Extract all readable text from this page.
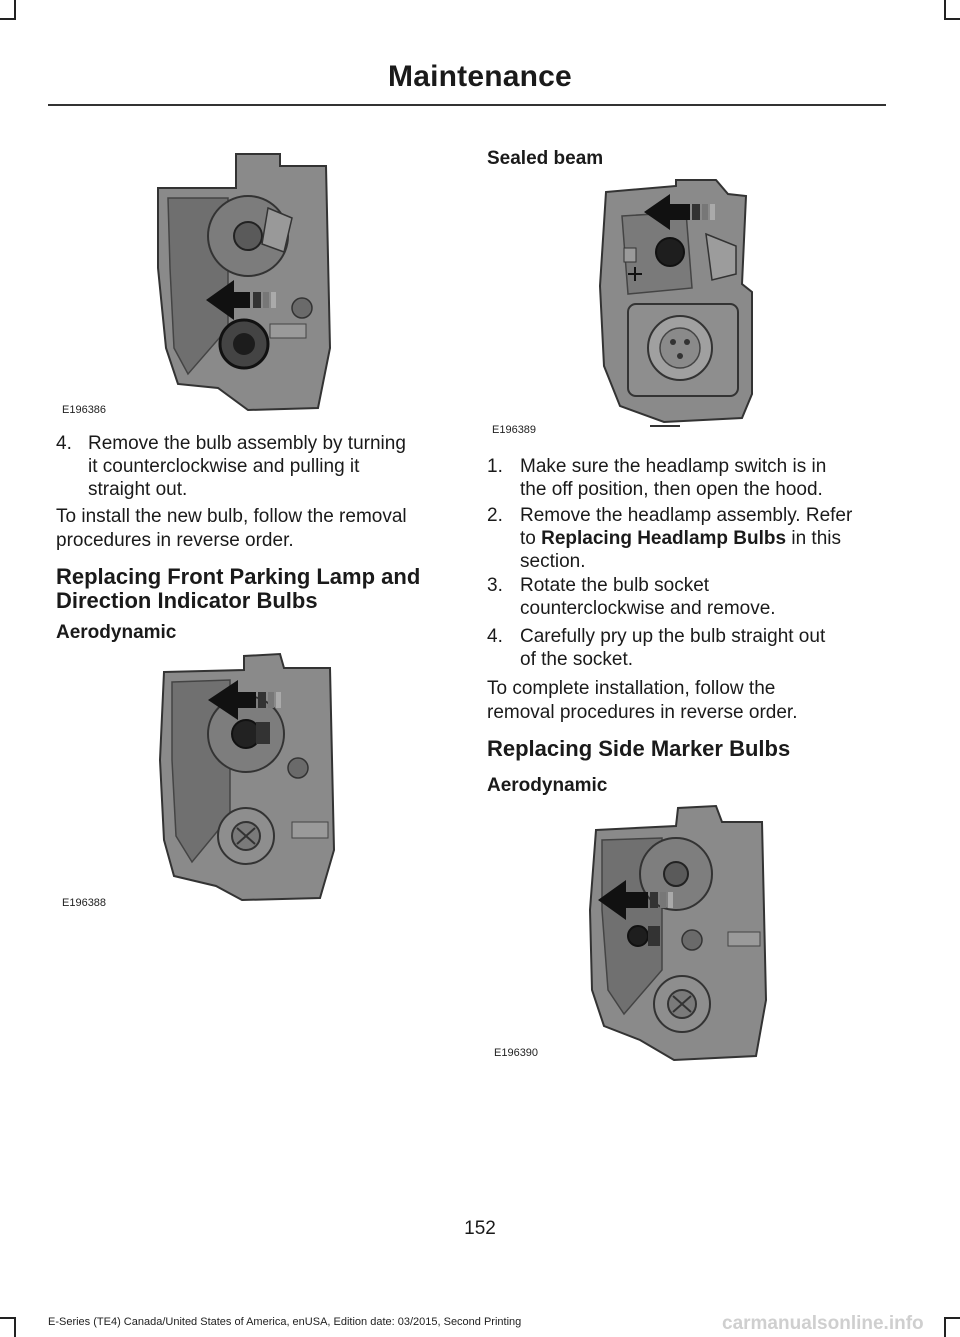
Maintenance
E196386
4. Remove the bulb assembly by turning
it counterclockwise and pulling it
straight out.
To install the new bulb, follow the removal
procedures in reverse order.
Replacing Front Parking Lamp and
Direction Indicator Bulbs
Aerodynamic
E196388
Sealed beam
E196389
1. Make sure the headlamp switch is in
the off position, then open the hood.
2. Remove the headlamp assembly. Refer
to Replacing Headlamp Bulbs in this
section.
3. Rotate the bulb socket
counterclockwise and remove.
4. Carefully pry up the bulb straight out
of the socket.
To complete installation, follow the
removal procedures in reverse order.
Replacing Side Marker Bulbs
Aerodynamic
E196390
152
E-Series (TE4) Canada/United States of America, enUSA, Edition date: 03/2015, Second Printing	carmanualsonline.info
